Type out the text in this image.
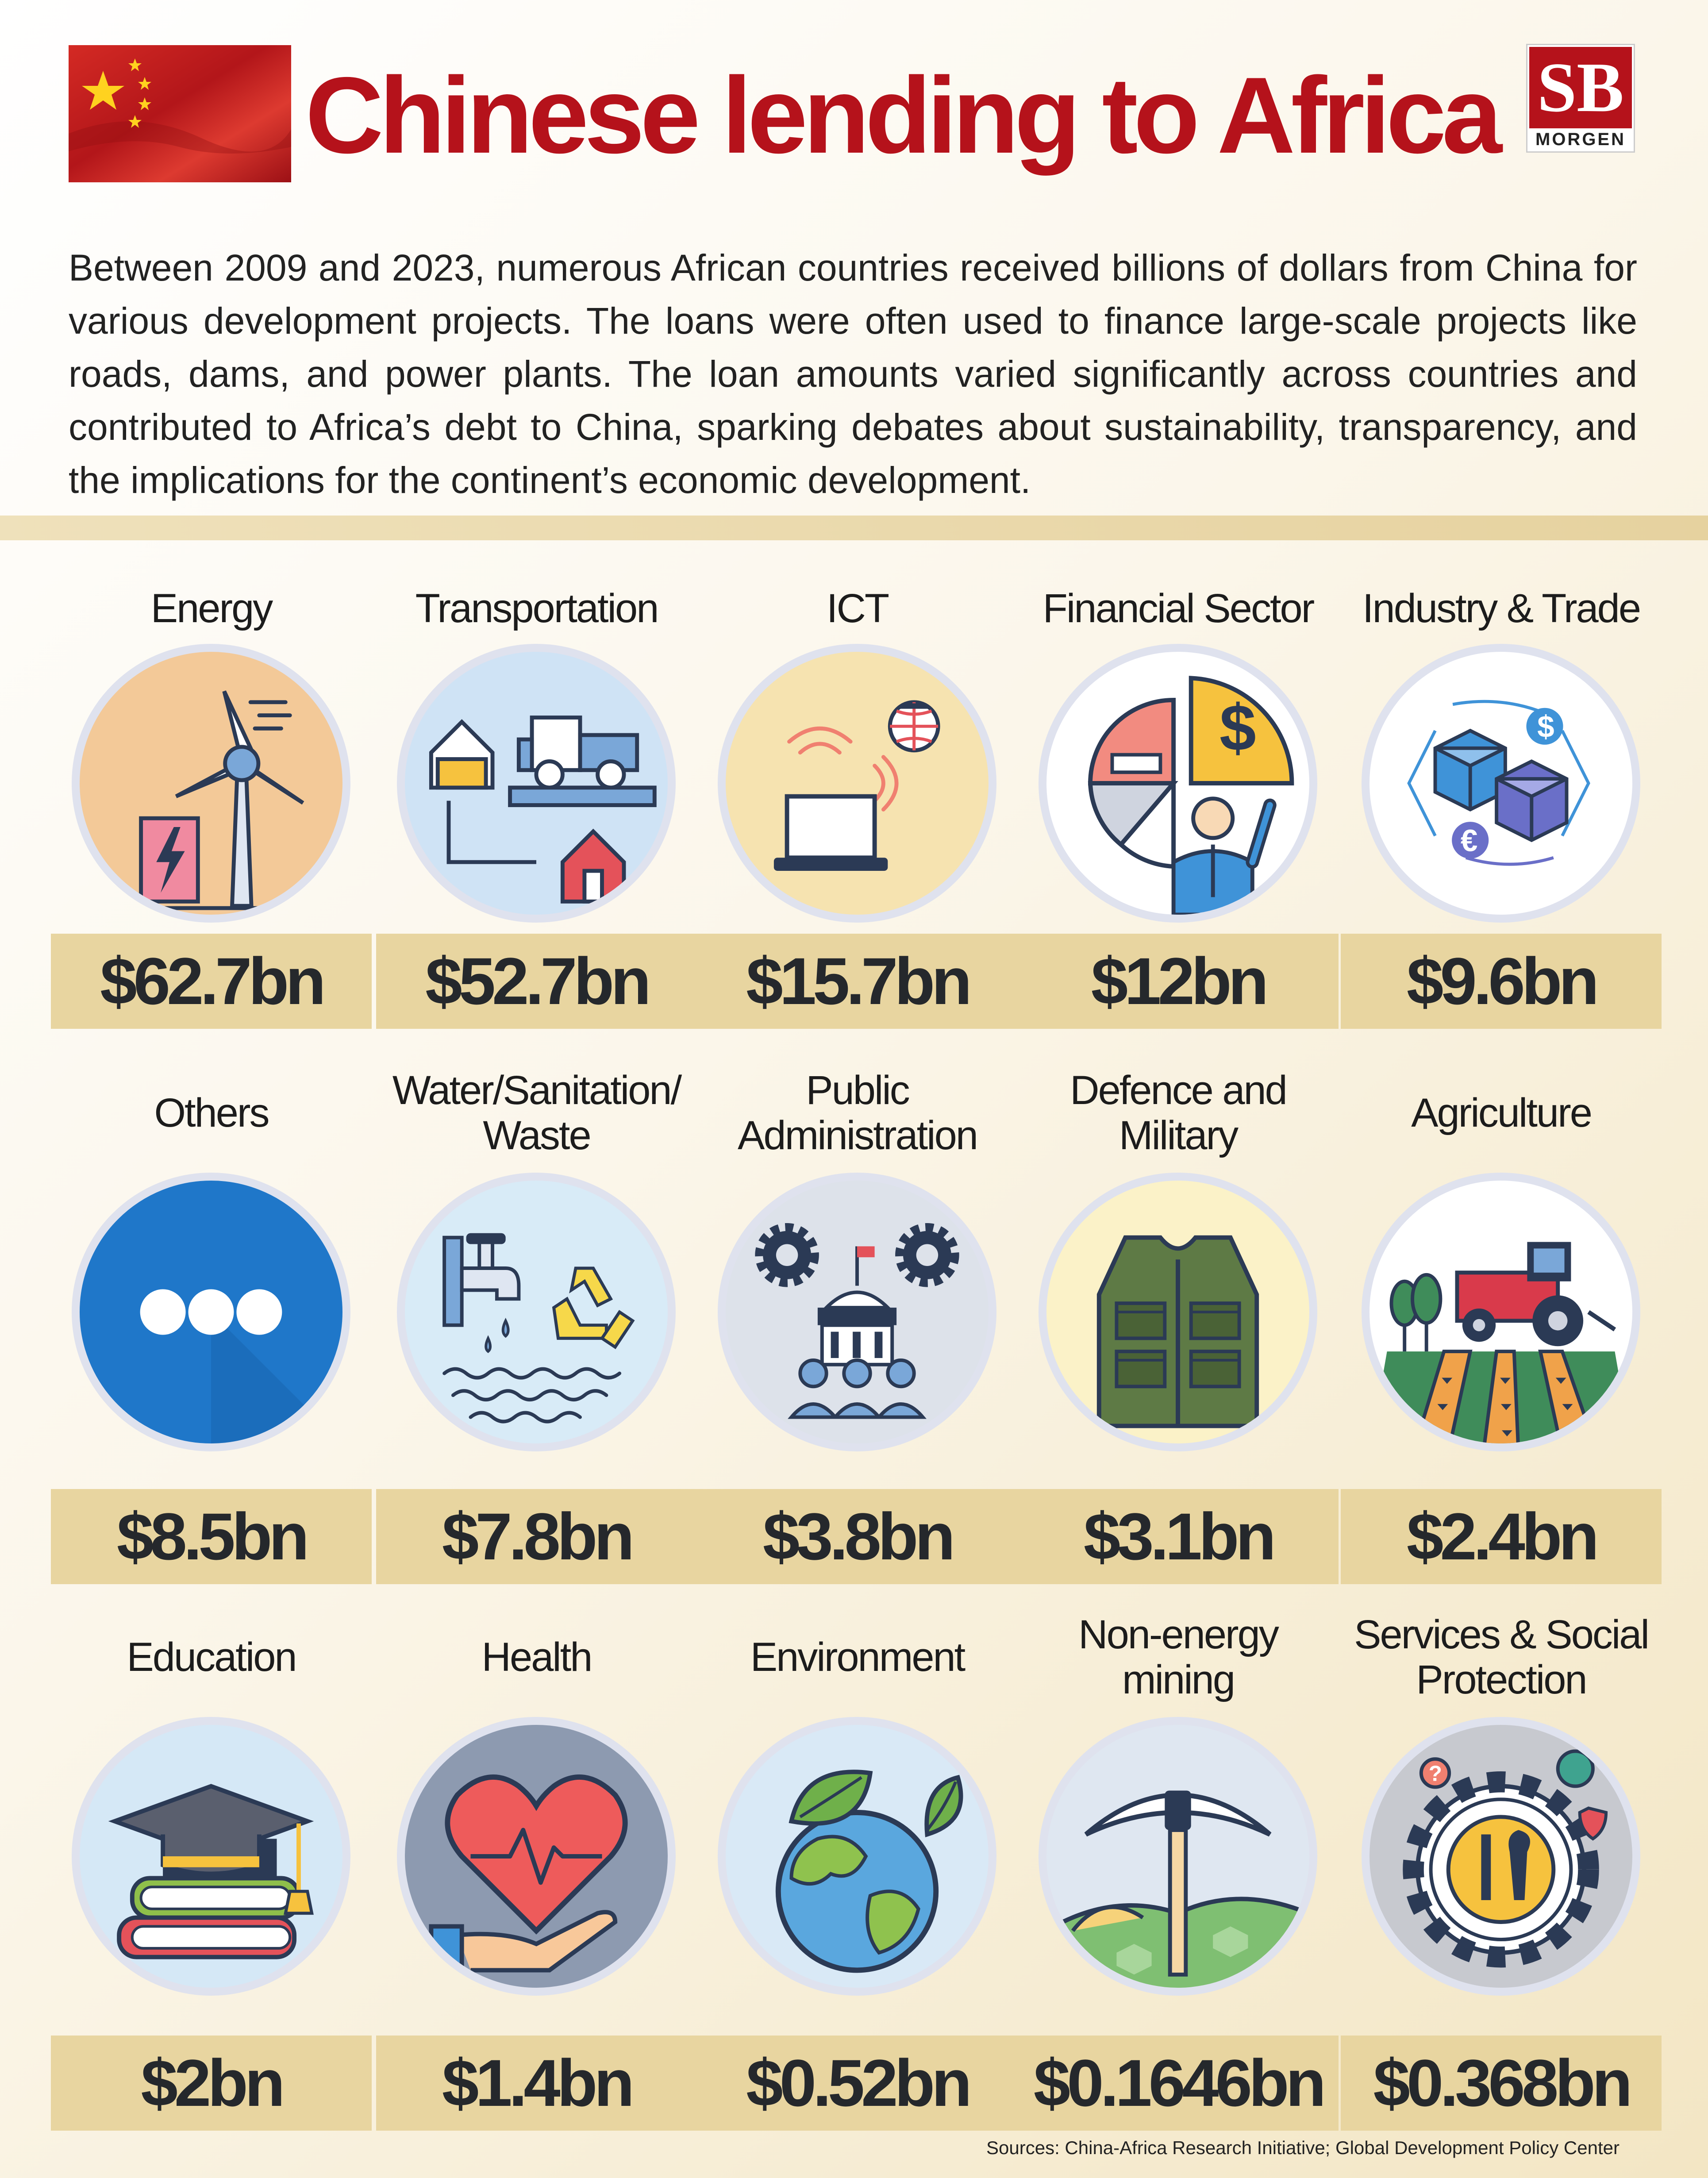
Chinese lending to Africa SB
MORGEN
Between 2009 and 2023, numerous African countries received billions of dollars from China for various development projects. The loans were often used to finance large-scale projects like roads, dams, and power plants. The loan amounts varied significantly across countries and contributed to Africa’s debt to China, sparking debates about sustainability, transparency, and the implications for the continent’s economic development.
Energy
$62.7bn
Transportation
$52.7bn
ICT
$15.7bn
Financial Sector
$
$12bn
Industry & Trade
$
€
$9.6bn
Others
$8.5bn
Water/Sanitation/
Waste
$7.8bn
Public
Administration
$3.8bn
Defence and
Military
$3.1bn
Agriculture
$2.4bn
Education
$2bn
Health
$1.4bn
Environment
$0.52bn
Non-energy
mining
$0.1646bn
Services & Social
Protection
?
$0.368bn
Sources: China-Africa Research Initiative; Global Development Policy Center
